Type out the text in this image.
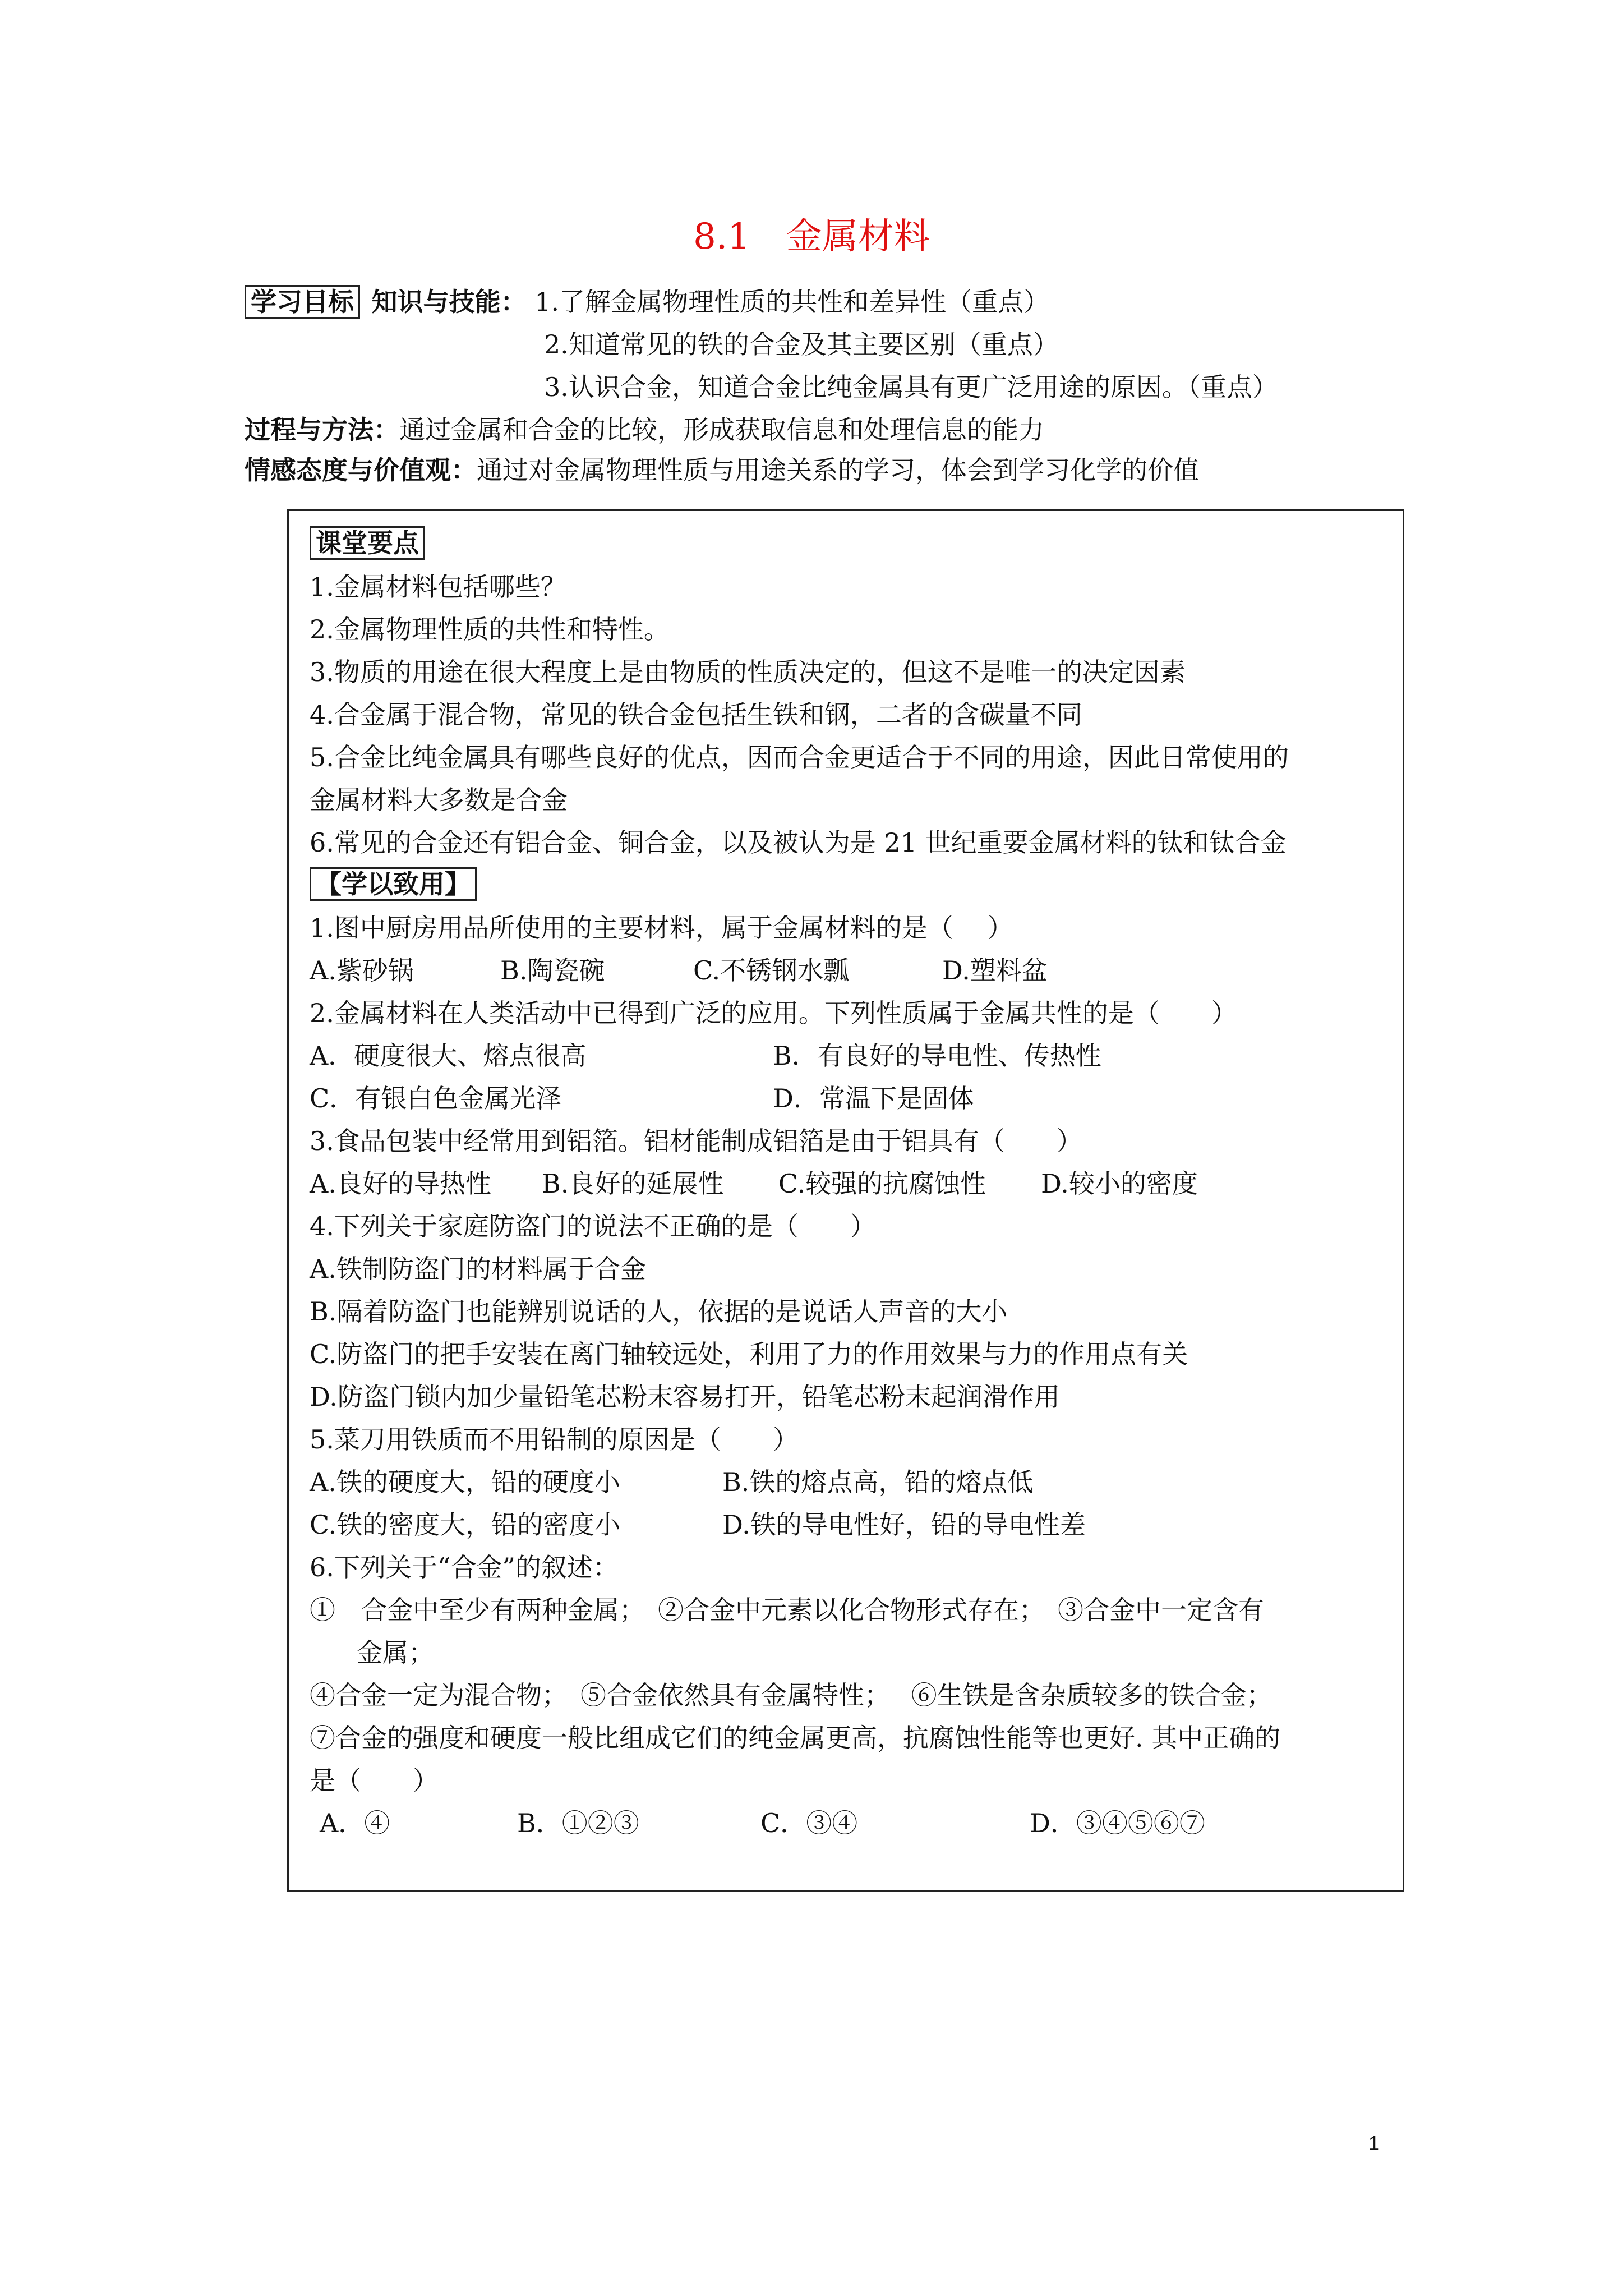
8.1　金属材料
学习目标 知识与技能： 1.了解金属物理性质的共性和差异性（重点）
2.知道常见的铁的合金及其主要区别（重点）
3.认识合金，知道合金比纯金属具有更广泛用途的原因。（重点）
过程与方法：通过金属和合金的比较，形成获取信息和处理信息的能力
情感态度与价值观：通过对金属物理性质与用途关系的学习，体会到学习化学的价值
课堂要点
1.金属材料包括哪些？
2.金属物理性质的共性和特性。
3.物质的用途在很大程度上是由物质的性质决定的，但这不是唯一的决定因素
4.合金属于混合物，常见的铁合金包括生铁和钢，二者的含碳量不同
5.合金比纯金属具有哪些良好的优点，因而合金更适合于不同的用途，因此日常使用的
金属材料大多数是合金
6.常见的合金还有铝合金、铜合金，以及被认为是 21 世纪重要金属材料的钛和钛合金
【学以致用】
1.图中厨房用品所使用的主要材料，属于金属材料的是（　 ）
A.紫砂锅	B.陶瓷碗	C.不锈钢水瓢	D.塑料盆
2.金属材料在人类活动中已得到广泛的应用。下列性质属于金属共性的是（　　）
A．硬度很大、熔点很高	B．有良好的导电性、传热性
C．有银白色金属光泽	D．常温下是固体
3.食品包装中经常用到铝箔。铝材能制成铝箔是由于铝具有（　　）
A.良好的导热性 B.良好的延展性 C.较强的抗腐蚀性 D.较小的密度
4.下列关于家庭防盗门的说法不正确的是（　　）
A.铁制防盗门的材料属于合金
B.隔着防盗门也能辨别说话的人，依据的是说话人声音的大小
C.防盗门的把手安装在离门轴较远处，利用了力的作用效果与力的作用点有关
D.防盗门锁内加少量铅笔芯粉末容易打开，铅笔芯粉末起润滑作用
5.菜刀用铁质而不用铅制的原因是（　　）
A.铁的硬度大，铅的硬度小	B.铁的熔点高，铅的熔点低
C.铁的密度大，铅的密度小	D.铁的导电性好，铅的导电性差
6.下列关于“合金”的叙述：
①　合金中至少有两种金属；　②合金中元素以化合物形式存在；　③合金中一定含有
金属；
④合金一定为混合物；　⑤合金依然具有金属特性；　 ⑥生铁是含杂质较多的铁合金；
⑦合金的强度和硬度一般比组成它们的纯金属更高，抗腐蚀性能等也更好. 其中正确的
是（　　）
A．④	B．①②③	C．③④	D．③④⑤⑥⑦
1
